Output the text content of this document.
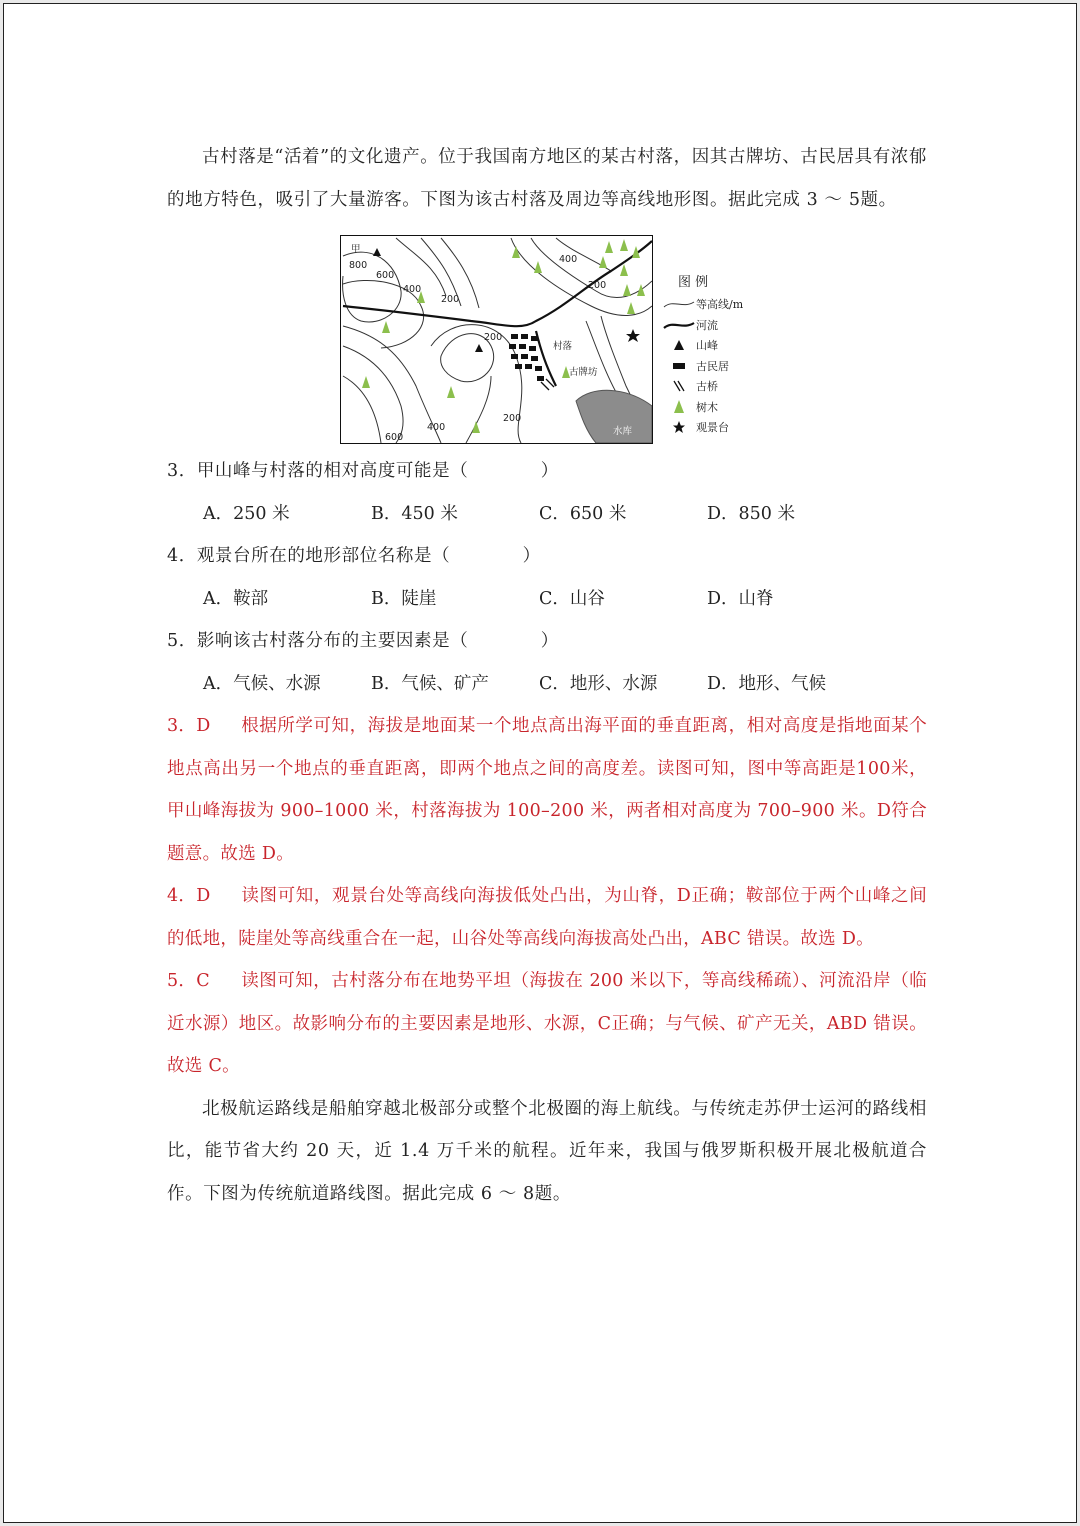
古村落是“活着”的文化遗产。位于我国南方地区的某古村落，因其古牌坊、古民居具有浓郁的地方特色，吸引了大量游客。下图为该古村落及周边等高线地形图。据此完成 3 ～ 5题。

甲
800
600
400
200
200
200
400
600
400
200
村落
古牌坊
水库
图 例
等高线/m
河流
山峰
古民居
古桥
树木
观景台

3．甲山峰与村落的相对高度可能是（　　　　）

A．250 米	B．450 米	C．650 米	D．850 米

4．观景台所在的地形部位名称是（　　　　）

A．鞍部	B．陡崖	C．山谷	D．山脊

5．影响该古村落分布的主要因素是（　　　　）

A．气候、水源	B．气候、矿产	C．地形、水源	D．地形、气候

3．D 根据所学可知，海拔是地面某一个地点高出海平面的垂直距离，相对高度是指地面某个地点高出另一个地点的垂直距离，即两个地点之间的高度差。读图可知，图中等高距是100米，甲山峰海拔为 900–1000 米，村落海拔为 100–200 米，两者相对高度为 700–900 米。D符合题意。故选 D。

4．D 读图可知，观景台处等高线向海拔低处凸出，为山脊，D正确；鞍部位于两个山峰之间的低地，陡崖处等高线重合在一起，山谷处等高线向海拔高处凸出，ABC 错误。故选 D。

5．C 读图可知，古村落分布在地势平坦（海拔在 200 米以下，等高线稀疏）、河流沿岸（临近水源）地区。故影响分布的主要因素是地形、水源，C正确；与气候、矿产无关，ABD 错误。故选 C。

北极航运路线是船舶穿越北极部分或整个北极圈的海上航线。与传统走苏伊士运河的路线相比，能节省大约 20 天，近 1.4 万千米的航程。近年来，我国与俄罗斯积极开展北极航道合作。下图为传统航道路线图。据此完成 6 ～ 8题。
